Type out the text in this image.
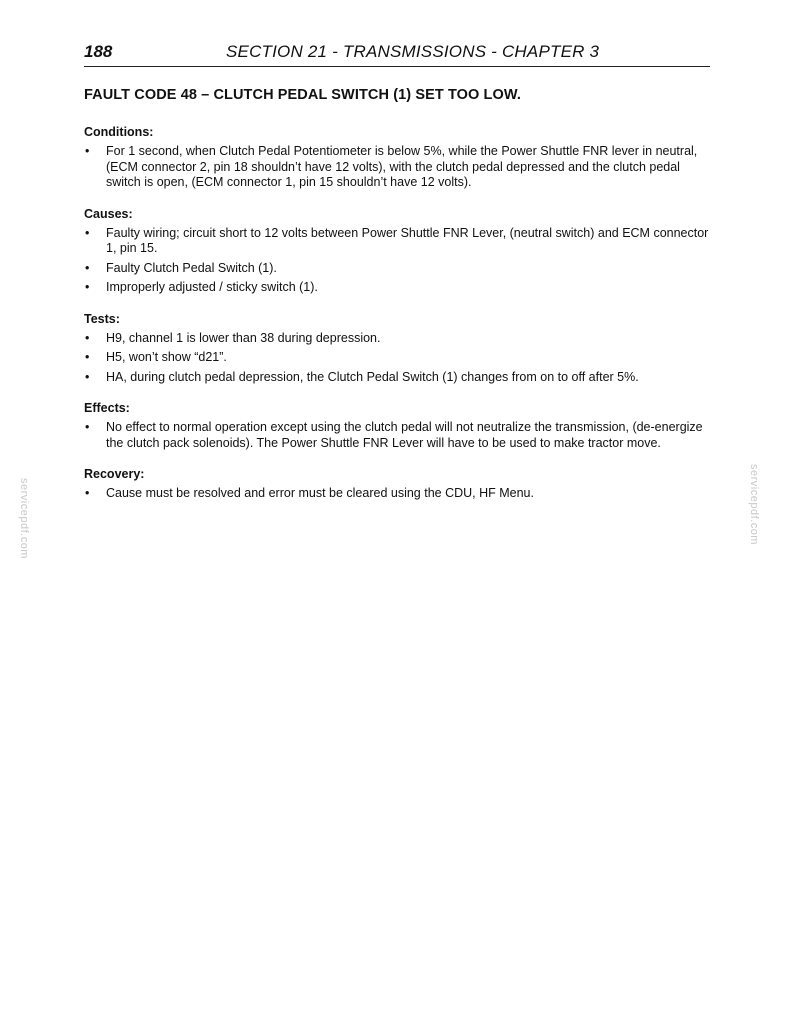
188	SECTION 21 - TRANSMISSIONS - CHAPTER 3
FAULT CODE 48 – CLUTCH PEDAL SWITCH (1) SET TOO LOW.
Conditions:
• For 1 second, when Clutch Pedal Potentiometer is below 5%, while the Power Shuttle FNR lever in neutral, (ECM connector 2, pin 18 shouldn’t have 12 volts), with the clutch pedal depressed and the clutch pedal switch is open, (ECM connector 1, pin 15 shouldn’t have 12 volts).
Causes:
• Faulty wiring; circuit short to 12 volts between Power Shuttle FNR Lever, (neutral switch) and ECM connector 1, pin 15.
• Faulty Clutch Pedal Switch (1).
• Improperly adjusted / sticky switch (1).
Tests:
• H9, channel 1 is lower than 38 during depression.
• H5, won’t show “d21”.
• HA, during clutch pedal depression, the Clutch Pedal Switch (1) changes from on to off after 5%.
Effects:
• No effect to normal operation except using the clutch pedal will not neutralize the transmission, (de-energize the clutch pack solenoids). The Power Shuttle FNR Lever will have to be used to make tractor move.
Recovery:
• Cause must be resolved and error must be cleared using the CDU, HF Menu.
servicepdf.com	servicepdf.com
